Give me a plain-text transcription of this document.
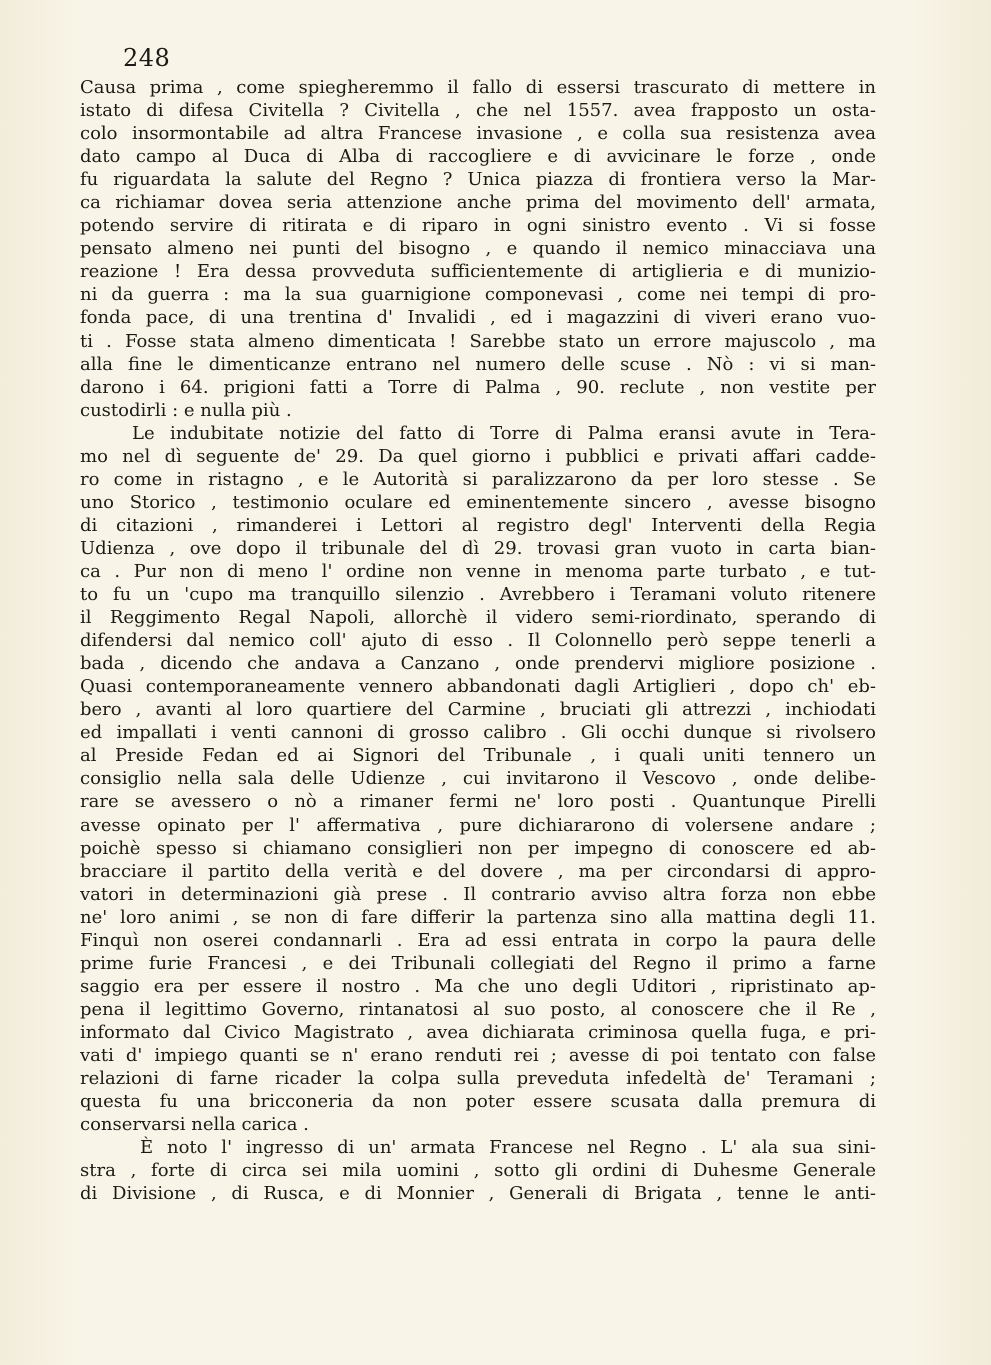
248
Causa prima , come spiegheremmo il fallo di essersi trascurato di mettere in
istato di difesa Civitella ? Civitella , che nel 1557. avea frapposto un osta-
colo insormontabile ad altra Francese invasione , e colla sua resistenza avea
dato campo al Duca di Alba di raccogliere e di avvicinare le forze , onde
fu riguardata la salute del Regno ? Unica piazza di frontiera verso la Mar-
ca richiamar dovea seria attenzione anche prima del movimento dell' armata,
potendo servire di ritirata e di riparo in ogni sinistro evento . Vi si fosse
pensato almeno nei punti del bisogno , e quando il nemico minacciava una
reazione ! Era dessa provveduta sufficientemente di artiglieria e di munizio-
ni da guerra : ma la sua guarnigione componevasi , come nei tempi di pro-
fonda pace, di una trentina d' Invalidi , ed i magazzini di viveri erano vuo-
ti . Fosse stata almeno dimenticata ! Sarebbe stato un errore majuscolo , ma
alla fine le dimenticanze entrano nel numero delle scuse . Nò : vi si man-
darono i 64. prigioni fatti a Torre di Palma , 90. reclute , non vestite per
custodirli : e nulla più .
Le indubitate notizie del fatto di Torre di Palma eransi avute in Tera-
mo nel dì seguente de' 29. Da quel giorno i pubblici e privati affari cadde-
ro come in ristagno , e le Autorità si paralizzarono da per loro stesse . Se
uno Storico , testimonio oculare ed eminentemente sincero , avesse bisogno
di citazioni , rimanderei i Lettori al registro degl' Interventi della Regia
Udienza , ove dopo il tribunale del dì 29. trovasi gran vuoto in carta bian-
ca . Pur non di meno l' ordine non venne in menoma parte turbato , e tut-
to fu un 'cupo ma tranquillo silenzio . Avrebbero i Teramani voluto ritenere
il Reggimento Regal Napoli, allorchè il videro semi-riordinato, sperando di
difendersi dal nemico coll' ajuto di esso . Il Colonnello però seppe tenerli a
bada , dicendo che andava a Canzano , onde prendervi migliore posizione .
Quasi contemporaneamente vennero abbandonati dagli Artiglieri , dopo ch' eb-
bero , avanti al loro quartiere del Carmine , bruciati gli attrezzi , inchiodati
ed impallati i venti cannoni di grosso calibro . Gli occhi dunque si rivolsero
al Preside Fedan ed ai Signori del Tribunale , i quali uniti tennero un
consiglio nella sala delle Udienze , cui invitarono il Vescovo , onde delibe-
rare se avessero o nò a rimaner fermi ne' loro posti . Quantunque Pirelli
avesse opinato per l' affermativa , pure dichiararono di volersene andare ;
poichè spesso si chiamano consiglieri non per impegno di conoscere ed ab-
bracciare il partito della verità e del dovere , ma per circondarsi di appro-
vatori in determinazioni già prese . Il contrario avviso altra forza non ebbe
ne' loro animi , se non di fare differir la partenza sino alla mattina degli 11.
Finquì non oserei condannarli . Era ad essi entrata in corpo la paura delle
prime furie Francesi , e dei Tribunali collegiati del Regno il primo a farne
saggio era per essere il nostro . Ma che uno degli Uditori , ripristinato ap-
pena il legittimo Governo, rintanatosi al suo posto, al conoscere che il Re ,
informato dal Civico Magistrato , avea dichiarata criminosa quella fuga, e pri-
vati d' impiego quanti se n' erano renduti rei ; avesse di poi tentato con false
relazioni di farne ricader la colpa sulla preveduta infedeltà de' Teramani ;
questa fu una bricconeria da non poter essere scusata dalla premura di
conservarsi nella carica .
È noto l' ingresso di un' armata Francese nel Regno . L' ala sua sini-
stra , forte di circa sei mila uomini , sotto gli ordini di Duhesme Generale
di Divisione , di Rusca, e di Monnier , Generali di Brigata , tenne le anti-
